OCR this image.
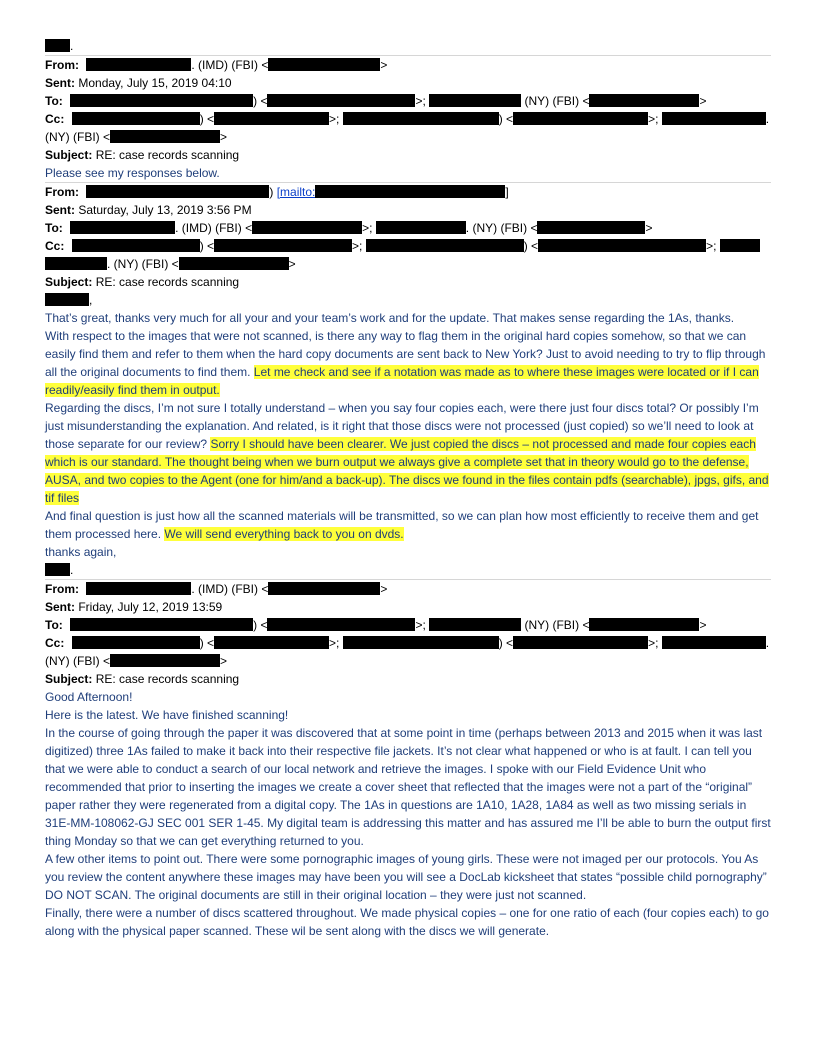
.
From:	. (IMD) (FBI) <	>
Sent: Monday, July 15, 2019 04:10
To:	) <	>;	(NY) (FBI) <	>
Cc:	) <	>;	) <	>;	.
(NY) (FBI) <	>
Subject: RE: case records scanning

Please see my responses below.

From:	) [mailto:	]
Sent: Saturday, July 13, 2019 3:56 PM
To:	. (IMD) (FBI) <	>;	. (NY) (FBI) <	>
Cc:	) <	>;	) <	>;
. (NY) (FBI) <	>
Subject: RE: case records scanning
,

That’s great, thanks very much for all your and your team’s work and for the update. That makes sense regarding the 1As, thanks.

With respect to the images that were not scanned, is there any way to flag them in the original hard copies somehow, so that we can easily find them and refer to them when the hard copy documents are sent back to New York? Just to avoid needing to try to flip through all the original documents to find them. Let me check and see if a notation was made as to where these images were located or if I can readily/easily find them in output.

Regarding the discs, I’m not sure I totally understand – when you say four copies each, were there just four discs total? Or possibly I’m just misunderstanding the explanation. And related, is it right that those discs were not processed (just copied) so we’ll need to look at those separate for our review? Sorry I should have been clearer. We just copied the discs – not processed and made four copies each which is our standard. The thought being when we burn output we always give a complete set that in theory would go to the defense, AUSA, and two copies to the Agent (one for him/and a back-up). The discs we found in the files contain pdfs (searchable), jpgs, gifs, and tif files

And final question is just how all the scanned materials will be transmitted, so we can plan how most efficiently to receive them and get them processed here. We will send everything back to you on dvds.

thanks again,

.
From:	. (IMD) (FBI) <	>
Sent: Friday, July 12, 2019 13:59
To:	) <	>;	(NY) (FBI) <	>
Cc:	) <	>;	) <	>;	.
(NY) (FBI) <	>
Subject: RE: case records scanning

Good Afternoon!

Here is the latest. We have finished scanning!

In the course of going through the paper it was discovered that at some point in time (perhaps between 2013 and 2015 when it was last digitized) three 1As failed to make it back into their respective file jackets. It’s not clear what happened or who is at fault. I can tell you that we were able to conduct a search of our local network and retrieve the images. I spoke with our Field Evidence Unit who recommended that prior to inserting the images we create a cover sheet that reflected that the images were not a part of the “original” paper rather they were regenerated from a digital copy. The 1As in questions are 1A10, 1A28, 1A84 as well as two missing serials in 31E-MM-108062-GJ SEC 001 SER 1-45. My digital team is addressing this matter and has assured me I’ll be able to burn the output first thing Monday so that we can get everything returned to you.

A few other items to point out. There were some pornographic images of young girls. These were not imaged per our protocols. You As you review the content anywhere these images may have been you will see a DocLab kicksheet that states “possible child pornography” DO NOT SCAN. The original documents are still in their original location – they were just not scanned.

Finally, there were a number of discs scattered throughout. We made physical copies – one for one ratio of each (four copies each) to go along with the physical paper scanned. These wil be sent along with the discs we will generate.
